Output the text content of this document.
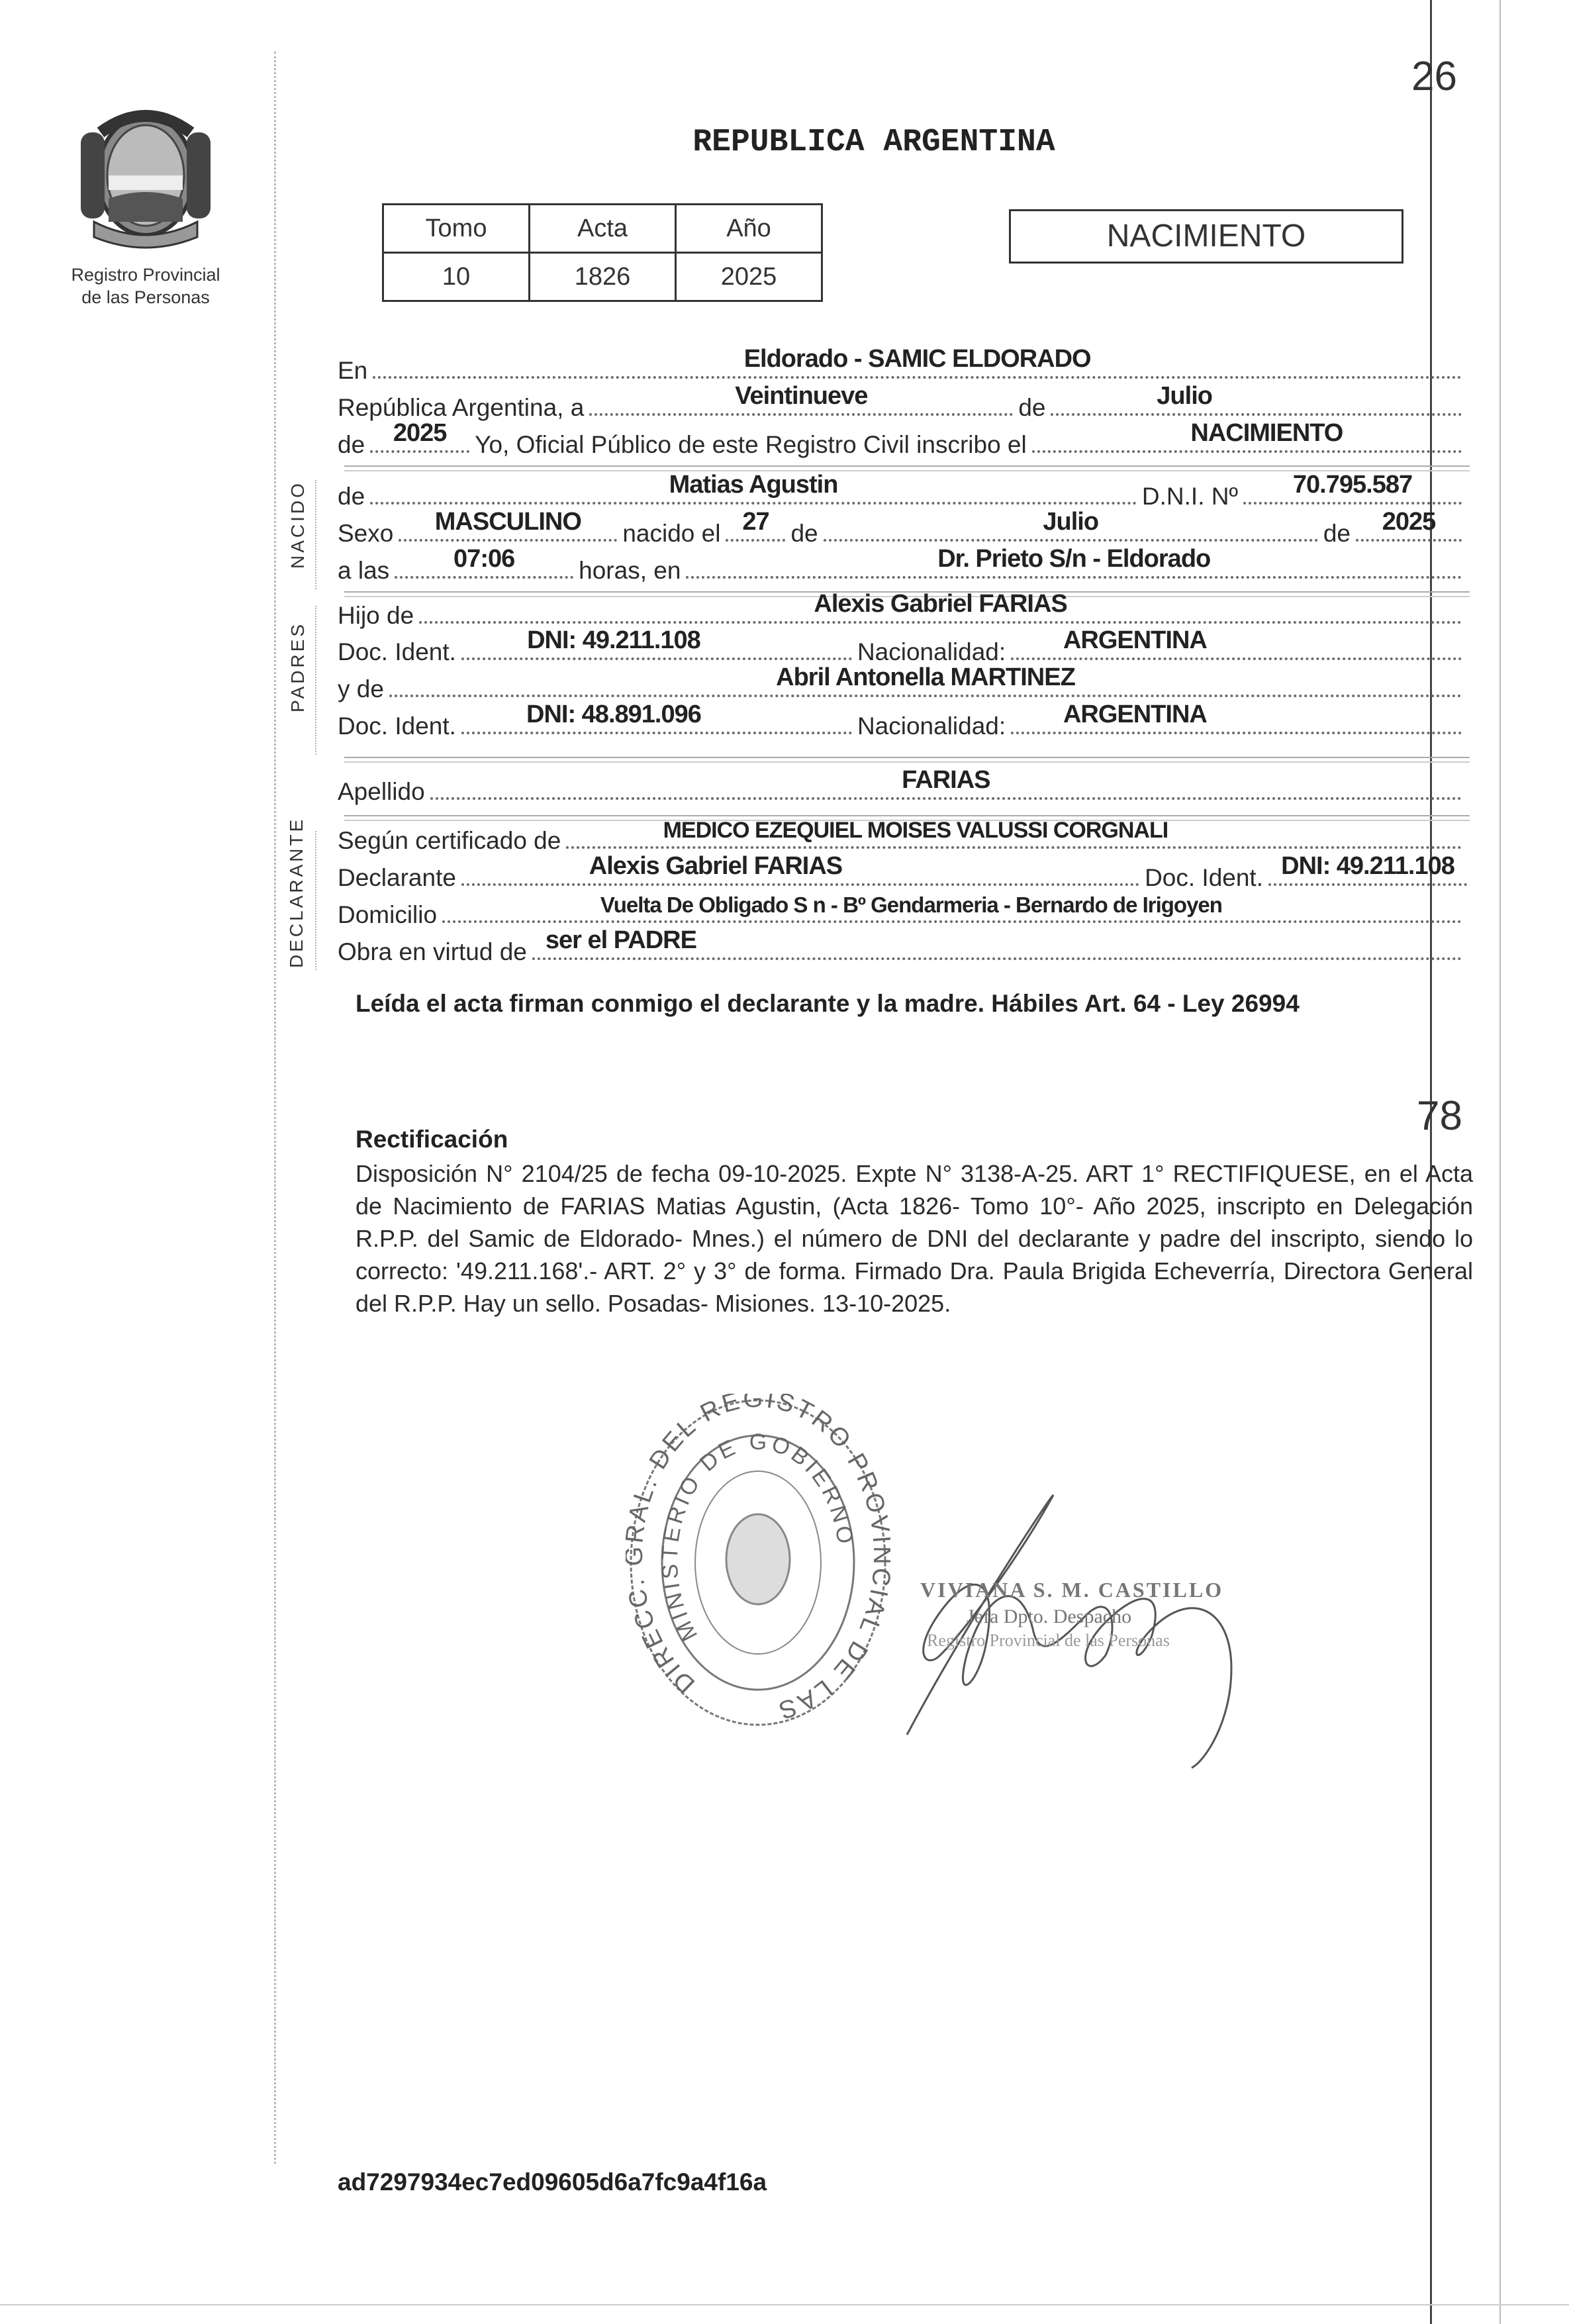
Registro Provincial
de las Personas
REPUBLICA ARGENTINA
26
Tomo	Acta	Año
10	1826	2025
NACIMIENTO
En	Eldorado - SAMIC ELDORADO
República Argentina, a	Veintinueve	de	Julio
de	2025	Yo, Oficial Público de este Registro Civil inscribo el	NACIMIENTO
NACIDO de	Matias Agustin	D.N.I. Nº	70.795.587
Sexo	MASCULINO	nacido el 27 de	Julio	de	2025
a las	07:06	horas, en	Dr. Prieto S/n - Eldorado
PADRES
Hijo de	Alexis Gabriel FARIAS
Doc. Ident.	DNI: 49.211.108	Nacionalidad:	ARGENTINA
y de	Abril Antonella MARTINEZ
Doc. Ident.	DNI: 48.891.096	Nacionalidad:	ARGENTINA
Apellido	FARIAS
DECLARANTE Según certificado de	MEDICO EZEQUIEL MOISES VALUSSI CORGNALI
Declarante	Alexis Gabriel FARIAS	Doc. Ident. DNI: 49.211.108
Domicilio	Vuelta De Obligado S n - Bº Gendarmeria - Bernardo de Irigoyen
Obra en virtud de ser el PADRE
Leída el acta firman conmigo el declarante y la madre. Hábiles Art. 64 - Ley 26994
78
Rectificación
Disposición N° 2104/25 de fecha 09-10-2025. Expte N° 3138-A-25. ART 1° RECTIFIQUESE, en el Acta de Nacimiento de FARIAS Matias Agustin, (Acta 1826- Tomo 10°- Año 2025, inscripto en Delegación R.P.P. del Samic de Eldorado- Mnes.) el número de DNI del declarante y padre del inscripto, siendo lo correcto: '49.211.168'.- ART. 2° y 3° de forma. Firmado Dra. Paula Brigida Echeverría, Directora General del R.P.P. Hay un sello. Posadas- Misiones. 13-10-2025.
DIRECC AL. DEL REGISTRO PRO IAL DE LAS
MINISTERIO DE GOBIERNO
VIVIANA S. M. CASTILLO
Jefa Dpto. Despacho
Registro Provincial de las Personas
ad7297934ec7ed09605d6a7fc9a4f16a
